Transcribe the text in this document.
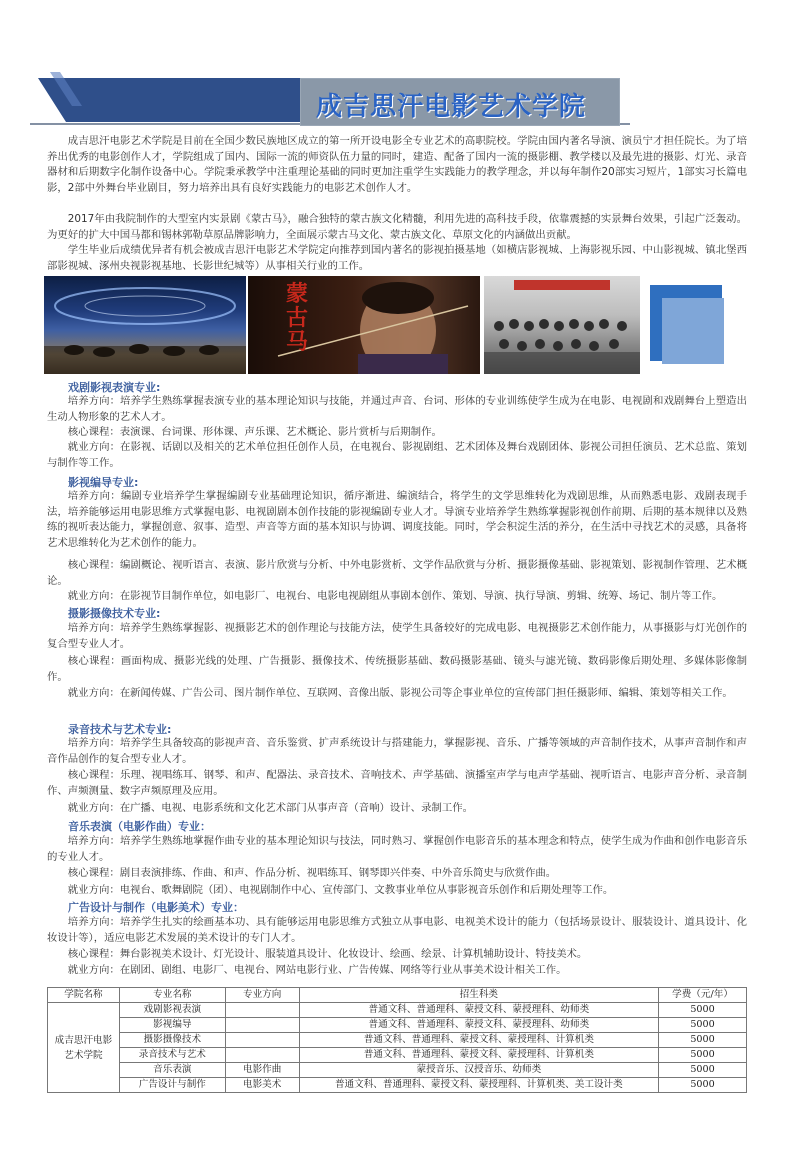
成吉思汗电影艺术学院

成吉思汗电影艺术学院是目前在全国少数民族地区成立的第一所开设电影全专业艺术的高职院校。学院由国内著名导演、演员宁才担任院长。为了培养出优秀的电影创作人才，学院组成了国内、国际一流的师资队伍力量的同时，建造、配备了国内一流的摄影棚、教学楼以及最先进的摄影、灯光、录音器材和后期数字化制作设备中心。学院秉承教学中注重理论基础的同时更加注重学生实践能力的教学理念，并以每年制作20部实习短片，1部实习长篇电影，2部中外舞台毕业剧目，努力培养出具有良好实践能力的电影艺术创作人才。

2017年由我院制作的大型室内实景剧《蒙古马》，融合独特的蒙古族文化精髓，利用先进的高科技手段，依靠震撼的实景舞台效果，引起广泛轰动。为更好的扩大中国马都和锡林郭勒草原品牌影响力，全面展示蒙古马文化、蒙古族文化、草原文化的内涵做出贡献。

学生毕业后成绩优异者有机会被成吉思汗电影艺术学院定向推荐到国内著名的影视拍摄基地（如横店影视城、上海影视乐园、中山影视城、镇北堡西部影视城、涿州央视影视基地、长影世纪城等）从事相关行业的工作。

蒙古马

戏剧影视表演专业:

培养方向：培养学生熟练掌握表演专业的基本理论知识与技能，并通过声音、台词、形体的专业训练使学生成为在电影、电视剧和戏剧舞台上塑造出生动人物形象的艺术人才。

核心课程：表演课、台词课、形体课、声乐课、艺术概论、影片赏析与后期制作。

就业方向：在影视、话剧以及相关的艺术单位担任创作人员，在电视台、影视剧组、艺术团体及舞台戏剧团体、影视公司担任演员、艺术总监、策划与制作等工作。

影视编导专业:

培养方向：编剧专业培养学生掌握编剧专业基础理论知识，循序渐进、编演结合，将学生的文学思维转化为戏剧思维，从而熟悉电影、戏剧表现手法，培养能够运用电影思维方式掌握电影、电视剧剧本创作技能的影视编剧专业人才。导演专业培养学生熟练掌握影视创作前期、后期的基本规律以及熟练的视听表达能力，掌握创意、叙事、造型、声音等方面的基本知识与协调、调度技能。同时，学会积淀生活的养分，在生活中寻找艺术的灵感，具备将艺术思维转化为艺术创作的能力。

核心课程：编剧概论、视听语言、表演、影片欣赏与分析、中外电影赏析、文学作品欣赏与分析、摄影摄像基础、影视策划、影视制作管理、艺术概论。

就业方向：在影视节目制作单位，如电影厂、电视台、电影电视剧组从事剧本创作、策划、导演、执行导演、剪辑、统筹、场记、制片等工作。

摄影摄像技术专业:

培养方向：培养学生熟练掌握影、视摄影艺术的创作理论与技能方法，使学生具备较好的完成电影、电视摄影艺术创作能力，从事摄影与灯光创作的复合型专业人才。

核心课程：画面构成、摄影光线的处理、广告摄影、摄像技术、传统摄影基础、数码摄影基础、镜头与滤光镜、数码影像后期处理、多媒体影像制作。

就业方向：在新闻传媒、广告公司、图片制作单位、互联网、音像出版、影视公司等企事业单位的宣传部门担任摄影师、编辑、策划等相关工作。

录音技术与艺术专业:

培养方向：培养学生具备较高的影视声音、音乐鉴赏、扩声系统设计与搭建能力，掌握影视、音乐、广播等领域的声音制作技术，从事声音制作和声音作品创作的复合型专业人才。

核心课程：乐理、视唱练耳、钢琴、和声、配器法、录音技术、音响技术、声学基础、演播室声学与电声学基础、视听语言、电影声音分析、录音制作、声频测量、数字声频原理及应用。

就业方向：在广播、电视、电影系统和文化艺术部门从事声音（音响）设计、录制工作。

音乐表演（电影作曲）专业：

培养方向：培养学生熟练地掌握作曲专业的基本理论知识与技法，同时熟习、掌握创作电影音乐的基本理念和特点，使学生成为作曲和创作电影音乐的专业人才。

核心课程：剧目表演排练、作曲、和声、作品分析、视唱练耳、钢琴即兴伴奏、中外音乐简史与欣赏作曲。

就业方向：电视台、歌舞剧院（团）、电视剧制作中心、宣传部门、文教事业单位从事影视音乐创作和后期处理等工作。

广告设计与制作（电影美术）专业：

培养方向：培养学生扎实的绘画基本功、具有能够运用电影思维方式独立从事电影、电视美术设计的能力（包括场景设计、服装设计、道具设计、化妆设计等），适应电影艺术发展的美术设计的专门人才。

核心课程：舞台影视美术设计、灯光设计、服装道具设计、化妆设计、绘画、绘景、计算机辅助设计、特技美术。

就业方向：在剧团、剧组、电影厂、电视台、网站电影行业、广告传媒、网络等行业从事美术设计相关工作。

学院名称	专业名称	专业方向	招生科类	学费（元/年）
成吉思汗电影艺术学院	戏剧影视表演		普通文科、普通理科、蒙授文科、蒙授理科、幼师类	5000
	影视编导		普通文科、普通理科、蒙授文科、蒙授理科、幼师类	5000
	摄影摄像技术		普通文科、普通理科、蒙授文科、蒙授理科、计算机类	5000
	录音技术与艺术		普通文科、普通理科、蒙授文科、蒙授理科、计算机类	5000
	音乐表演	电影作曲	蒙授音乐、汉授音乐、幼师类	5000
	广告设计与制作	电影美术	普通文科、普通理科、蒙授文科、蒙授理科、计算机类、美工设计类	5000
